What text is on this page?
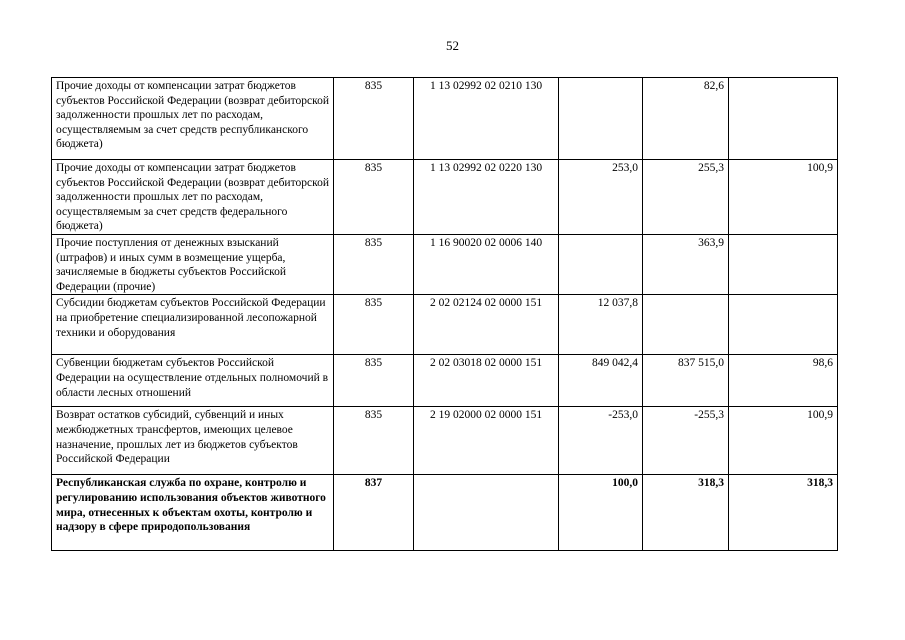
52
Прочие доходы от компенсации затрат бюджетов субъектов Российской Федерации (возврат дебиторской задолженности прошлых лет по расходам, осуществляемым за счет средств республиканского бюджета)	835	1 13 02992 02 0210 130		82,6	
Прочие доходы от компенсации затрат бюджетов субъектов Российской Федерации (возврат дебиторской задолженности прошлых лет по расходам, осуществляемым за счет средств федерального бюджета)	835	1 13 02992 02 0220 130	253,0	255,3	100,9
Прочие поступления от денежных взысканий (штрафов) и иных сумм в возмещение ущерба, зачисляемые в бюджеты субъектов Российской Федерации (прочие)	835	1 16 90020 02 0006 140		363,9	
Субсидии бюджетам субъектов Российской Федерации на приобретение специализированной лесопожарной техники и оборудования	835	2 02 02124 02 0000 151	12 037,8		
Субвенции бюджетам субъектов Российской Федерации на осуществление отдельных полномочий в области лесных отношений	835	2 02 03018 02 0000 151	849 042,4	837 515,0	98,6
Возврат остатков субсидий, субвенций и иных межбюджетных трансфертов, имеющих целевое назначение, прошлых лет из бюджетов субъектов Российской Федерации	835	2 19 02000 02 0000 151	-253,0	-255,3	100,9
Республиканская служба по охране, контролю и регулированию использования объектов животного мира, отнесенных к объектам охоты, контролю и надзору в сфере природопользования	837		100,0	318,3	318,3
